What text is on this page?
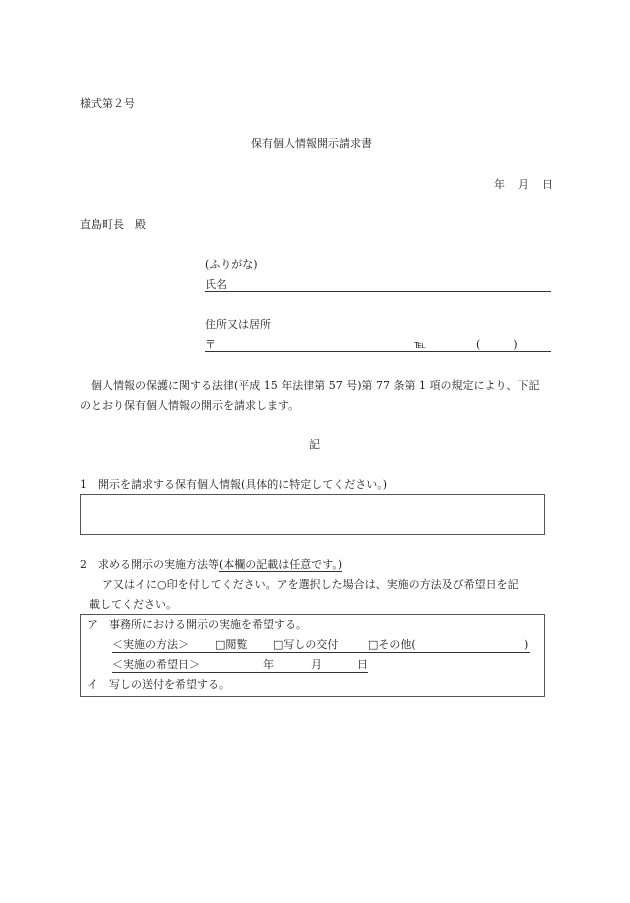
様式第２号
保有個人情報開示請求書
年 月 日
直島町長　殿
(ふりがな)
氏名
住所又は居所
〒	℡	(　　　)
個人情報の保護に関する法律(平成 15 年法律第 57 号)第 77 条第 1 項の規定により、下記
のとおり保有個人情報の開示を請求します。
記
1　開示を請求する保有個人情報(具体的に特定してください。)
2　求める開示の実施方法等(本欄の記載は任意です。)
ア又はイに○印を付してください。アを選択した場合は、実施の方法及び希望日を記
載してください。
ア　事務所における開示の実施を希望する。
＜実施の方法＞ □閲覧 □写しの交付	□その他(	)
＜実施の希望日＞	年	月	日
イ　写しの送付を希望する。
